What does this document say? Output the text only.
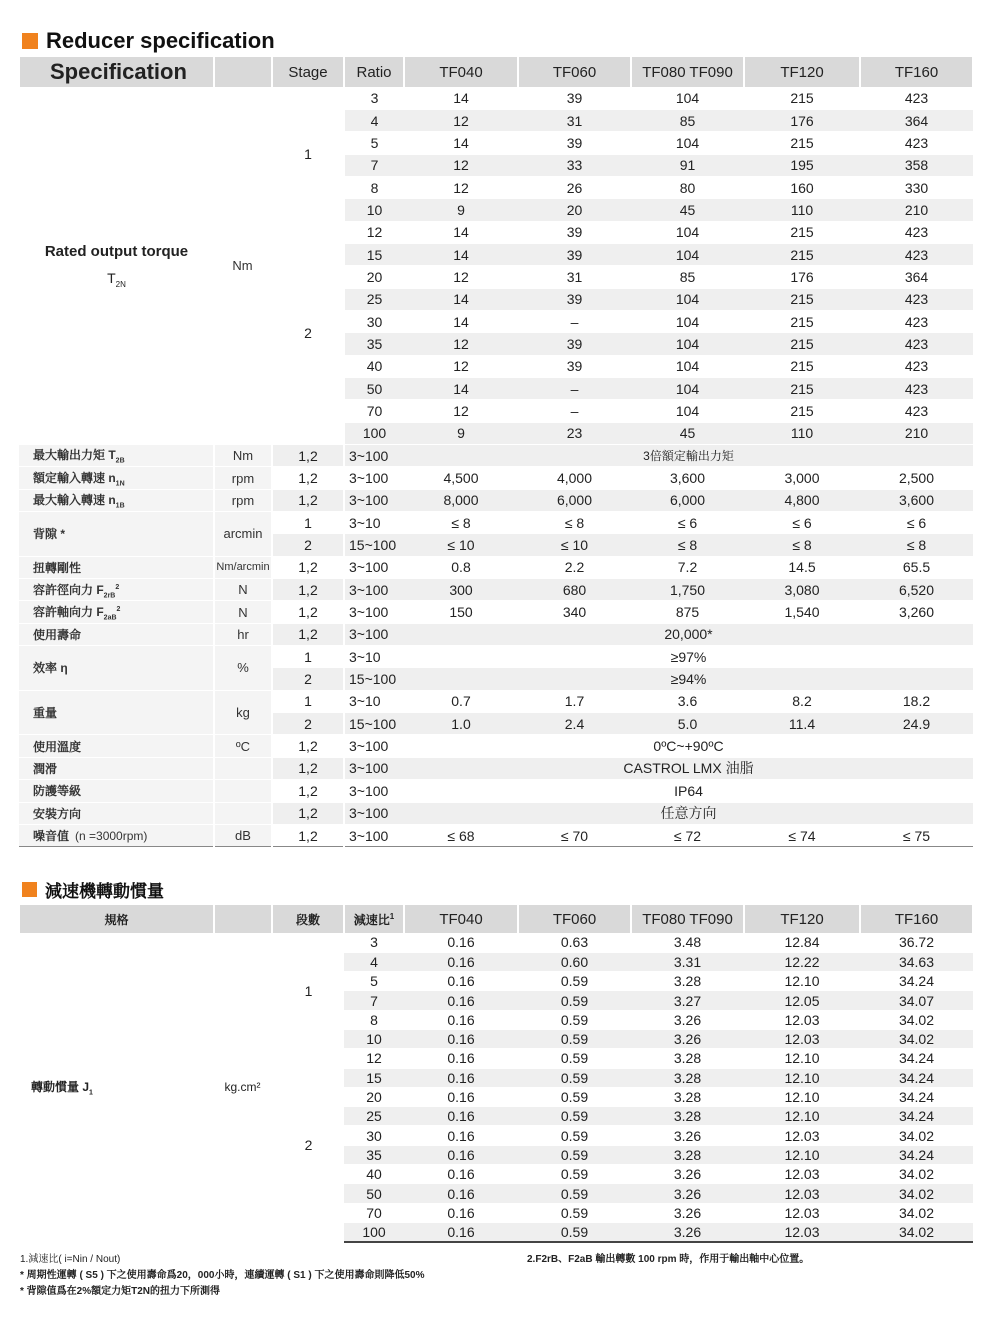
Reducer specification
Specification		Stage	Ratio	TF040	TF060	TF080 TF090	TF120	TF160

Rated output torque
$T_{2N}$	Nm	1	3	14	39	104	215	423
			4	12	31	85	176	364
			5	14	39	104	215	423
			7	12	33	91	195	358
			8	12	26	80	160	330
			10	9	20	45	110	210
		2	12	14	39	104	215	423
			15	14	39	104	215	423
			20	12	31	85	176	364
			25	14	39	104	215	423
			30	14	–	104	215	423
			35	12	39	104	215	423
			40	12	39	104	215	423
			50	14	–	104	215	423
			70	12	–	104	215	423
			100	9	23	45	110	210
最大輸出力矩 $T_{2B}$	Nm	1,2	3~100	3倍額定輸出力矩				
額定輸入轉速 $n_{1N}$	rpm	1,2	3~100	4,500	4,000	3,600	3,000	2,500
最大輸入轉速 $n_{1B}$	rpm	1,2	3~100	8,000	6,000	6,000	4,800	3,600
背隙 *	arcmin	1	3~10	≤ 8	≤ 8	≤ 6	≤ 6	≤ 6
		2	15~100	≤ 10	≤ 10	≤ 8	≤ 8	≤ 8
扭轉剛性	Nm/arcmin	1,2	3~100	0.8	2.2	7.2	14.5	65.5
容許徑向力 $F_{2rB}^2$	N	1,2	3~100	300	680	1,750	3,080	6,520
容許軸向力 $F_{2aB}^2$	N	1,2	3~100	150	340	875	1,540	3,260
使用壽命	hr	1,2	3~100	20,000*				
效率 η	%	1	3~10	≥97%				
		2	15~100	≥94%				
重量	kg	1	3~10	0.7	1.7	3.6	8.2	18.2
		2	15~100	1.0	2.4	5.0	11.4	24.9
使用溫度	ºC	1,2	3~100	0ºC~+90ºC				
潤滑		1,2	3~100	CASTROL LMX 油脂				
防護等級		1,2	3~100	IP64				
安裝方向		1,2	3~100	任意方向				
噪音值 (n =3000rpm)	dB	1,2	3~100	≤ 68	≤ 70	≤ 72	≤ 74	≤ 75
減速機轉動慣量
規格		段數	減速比$^1$	TF040	TF060	TF080 TF090	TF120	TF160
轉動慣量 $J_1$	kg.cm²	1	3	0.16	0.63	3.48	12.84	36.72
			4	0.16	0.60	3.31	12.22	34.63
			5	0.16	0.59	3.28	12.10	34.24
			7	0.16	0.59	3.27	12.05	34.07
			8	0.16	0.59	3.26	12.03	34.02
			10	0.16	0.59	3.26	12.03	34.02
		2	12	0.16	0.59	3.28	12.10	34.24
			15	0.16	0.59	3.28	12.10	34.24
			20	0.16	0.59	3.28	12.10	34.24
			25	0.16	0.59	3.28	12.10	34.24
			30	0.16	0.59	3.26	12.03	34.02
			35	0.16	0.59	3.28	12.10	34.24
			40	0.16	0.59	3.26	12.03	34.02
			50	0.16	0.59	3.26	12.03	34.02
			70	0.16	0.59	3.26	12.03	34.02
			100	0.16	0.59	3.26	12.03	34.02
1.減速比( i=Nin / Nout)
* 周期性運轉 ( S5 ) 下之使用壽命爲20，000小時，連續運轉 ( S1 ) 下之使用壽命則降低50%
* 背隙值爲在2%額定力矩T2N的扭力下所測得
2.F2rB、F2aB 輸出轉數 100 rpm 時，作用于輸出軸中心位置。
